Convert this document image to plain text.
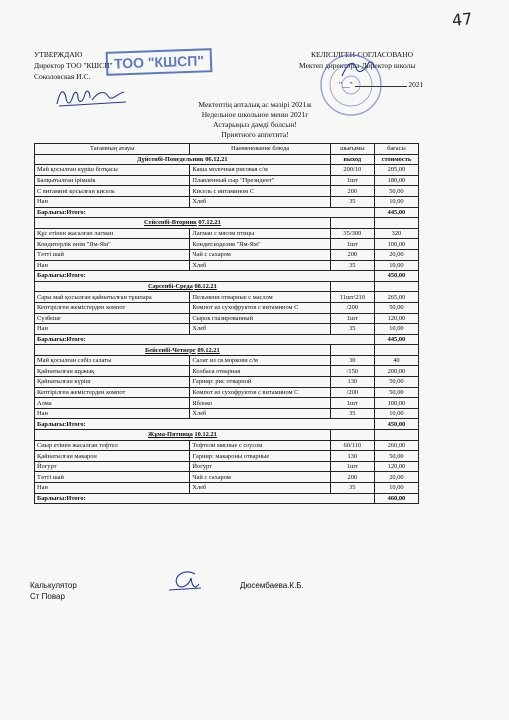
47
УТВЕРЖДАЮ
Директор ТОО "КШСП"
Соколовская И.С.
ТОО "КШСП"	КЕЛІСІЛГЕН-СОГЛАСОВАНО
Мектеп директоры-Директор школы
"__"	2021
Мектептің апталық ас мәзірі 2021ж
Недельное школьное меню 2021г
Астарыңыз дәмді болсын!
Приятного аппетита!
Тағамның атауы	Наименование блюда	шығымы	бағасы
Дүйсенбі-Понедельник 06.12.21		выход	стоимость
Май қосылған күріш ботқасы	Каша молочная рисовая с/м	200/10	205,00
Балқытылған ірімшік	Плавленный сыр "Президент"	1шт	180,00
С витамині қосылған кисель	Кисель с витамином С	200	50,00
Нан	Хлеб	35	10,00
Барлығы:Итого:			445,00
Сейсенбі-Вторник 07.12.21			
Құс етінен жасалған лагман	Лагман с мясом птицы	35/300	320
Кондитерлік өнім "Ям-Ям"	Кондит.изделия "Ям-Ям"	1шт	100,00
Тәтті шай	Чай с сахаром	200	20,00
Нан	Хлеб	35	10,00
Барлығы:Итого:			450,00
Сәрсенбі-Среда 08.12.21			
Сары май қосылған қайнатылған тұшпара	Пельмени отварные с маслом	11шт/210	265,00
Кептірілген жемістерден компот	Компот из сухофруктов с витамином С	/200	50,00
Сүзбеше	Сырок глазированный	1шт	120,00
Нан	Хлеб	35	10,00
Барлығы:Итого:			445,00
Бейсенбі-Четверг 09.12.21			
Май қосылған сәбіз салаты	Салат из св.моркови с/м	30	40
Қайнатылған шұжық	Колбаса отварная	/150	200,00
Қайнатылған күріш	Гарнир: рис отварной	130	50,00
Кептірілген жемістерден компот	Компот из сухофруктов с витамином С	/200	50,00
Алма	Яблоко	1шт	100,00
Нан	Хлеб	35	10,00
Барлығы:Итого:			450,00
Жұма-Пятница 10.12.21			
Сиыр етінен жасалған тефтел	Тефтели мясные с соусом	60/110	260,00
Қайнатылған макарон	Гарнир: макароны отварные	130	50,00
Йогурт	Йогурт	1шт	120,00
Тәтті шай	Чай с сахаром	200	20,00
Нан	Хлеб	35	10,00
Барлығы:Итого:			460,00
Калькулятор
Ст Повар
Дюсембаева.К.Б.
